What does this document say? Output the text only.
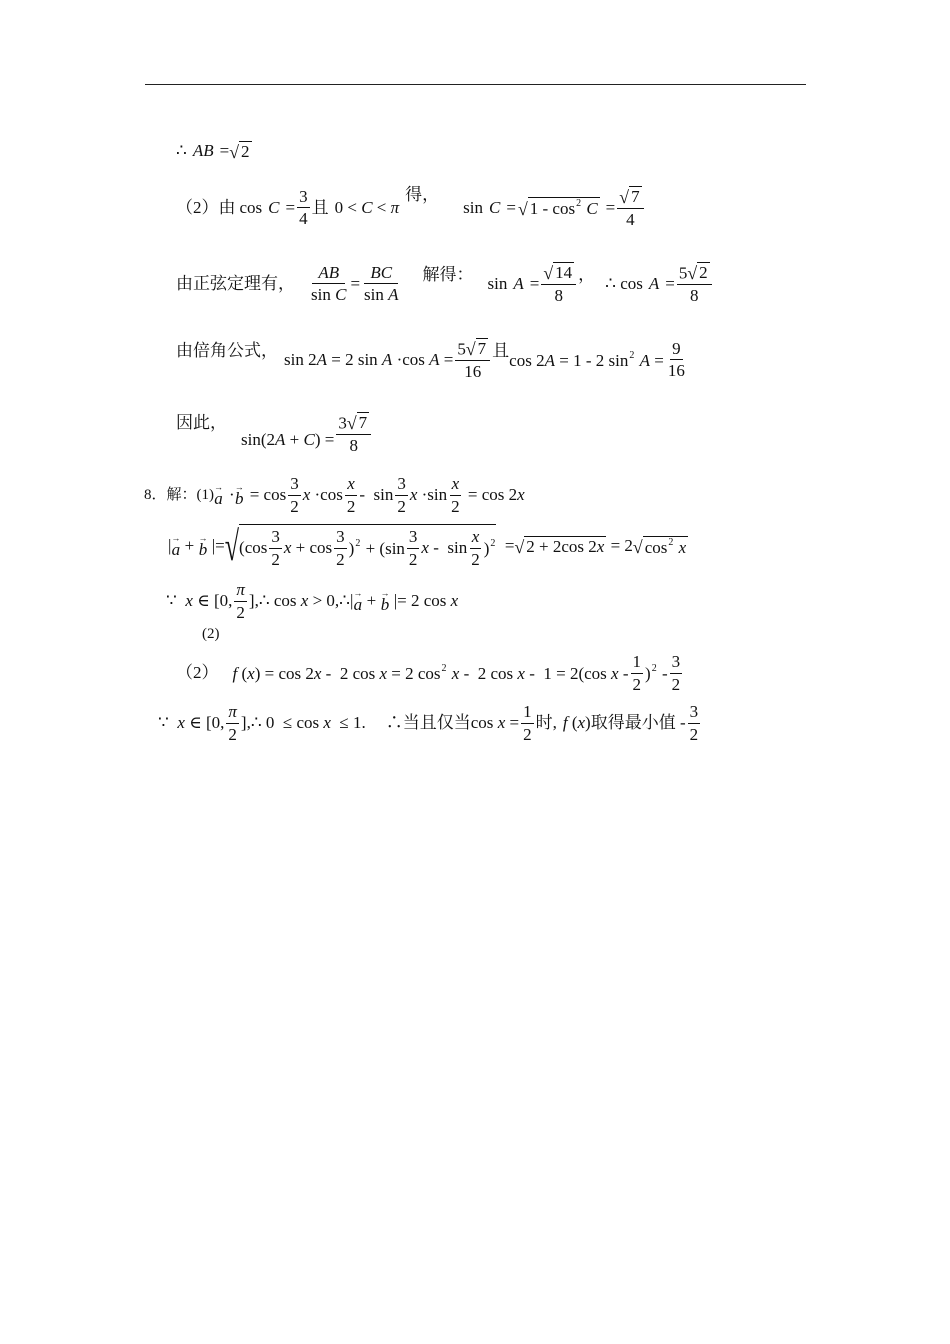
∴ AB = √ 2
（2）由 $\cos C = \frac{3}{4}$ 且 0 < C < π
得，
sin C = √ $1 - \cos^2 C = \frac{√ 7}{4}$
由正弦定理有， $\frac{AB}{\text{sin C}} = \frac{BC}{\text{sin A}}$ 解得： $\sin A = \frac{√ 14}{8}$ ， ∴ $\cos A = \frac{5 √ 2}{8}$
由倍角公式， sin 2A = 2 sin A ·cos $A = \frac{5 √ 7}{16}$ 且
cos 2A = 1 - 2 $\sin^2 A = \frac{9}{16}$
因此，
$\sin(2A + C) = \frac{3 √ 7}{8}$
8．解： (1) →
a · →
$b = \cos \frac{3}{2}$ $x \cdot\cos \frac{x}{2} - \sin \frac{3}{2}$ $x \cdot\sin \frac{x}{2} = \cos 2x$
| →
a + →
b |= √ ($\cos \frac{3}{2}$ $x + \cos \frac{3}{2} )^2 + (\sin \frac{3}{2}$ x -  $\sin \frac{x}{2} )^2$ = √ 2 + 2cos 2x = 2 √ $\cos^2 x$
∵  x ∈ [0, $\frac{\pi}{2}$ ],∴ cos x > 0,∴| →
a + →
b |= 2 cos x
(2)
（2） f (x) = cos 2x -  2 cos x = 2 $\cos^2 x - 2$ cos x -  1 = 2(cos x - $\frac{1}{2} )^2 - \frac{3}{2}$
∵  x ∈ [0, $\frac{\pi}{2}$ ],∴ 0  ≤ cos x  ≤ 1. ∴当且仅当 $\cos x = \frac{1}{2}$ 时, f (x) 取得最小值 - $\frac{3}{2}$
